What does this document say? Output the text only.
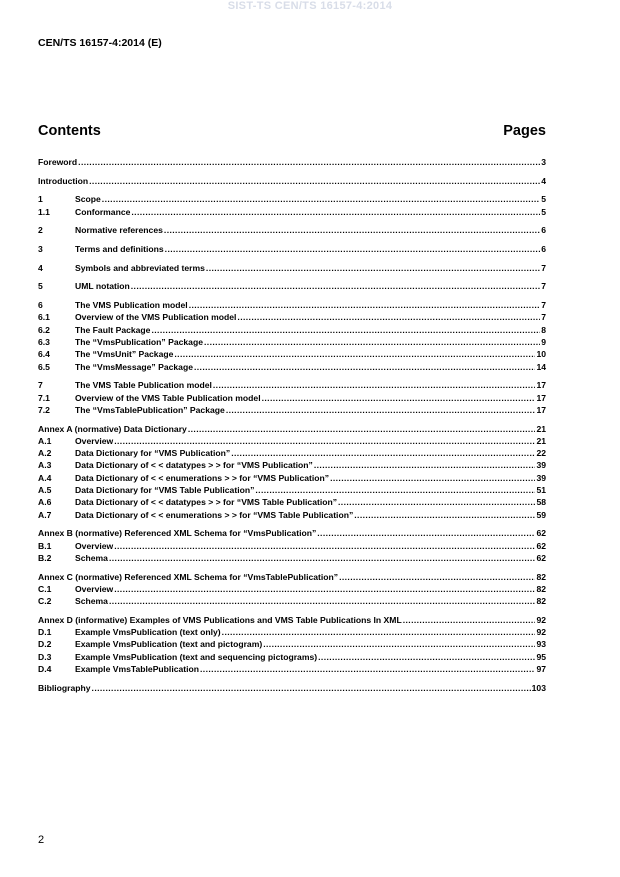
SIST-TS CEN/TS 16157-4:2014
CEN/TS 16157-4:2014 (E)
Contents	Pages
Foreword .....	3
Introduction .....	4
1	Scope .....	5
1.1	Conformance .....	5
2	Normative references .....	6
3	Terms and definitions .....	6
4	Symbols and abbreviated terms .....	7
5	UML notation .....	7
6	The VMS Publication model .....	7
6.1	Overview of the VMS Publication model .....	7
6.2	The Fault Package .....	8
6.3	The “VmsPublication” Package .....	9
6.4	The “VmsUnit” Package .....	10
6.5	The “VmsMessage” Package .....	14
7	The VMS Table Publication model .....	17
7.1	Overview of the VMS Table Publication model .....	17
7.2	The “VmsTablePublication” Package .....	17
Annex A (normative) Data Dictionary .....	21
A.1	Overview .....	21
A.2	Data Dictionary for “VMS Publication” .....	22
A.3	Data Dictionary of < < datatypes > > for “VMS Publication” .....	39
A.4	Data Dictionary of < < enumerations > > for “VMS Publication” .....	39
A.5	Data Dictionary for “VMS Table Publication” .....	51
A.6	Data Dictionary of < < datatypes > > for “VMS Table Publication” .....	58
A.7	Data Dictionary of < < enumerations > > for “VMS Table Publication” .....	59
Annex B (normative) Referenced XML Schema for “VmsPublication” .....	62
B.1	Overview .....	62
B.2	Schema .....	62
Annex C (normative) Referenced XML Schema for “VmsTablePublication” .....	82
C.1	Overview .....	82
C.2	Schema .....	82
Annex D (informative) Examples of VMS Publications and VMS Table Publications In XML .....	92
D.1	Example VmsPublication (text only) .....	92
D.2	Example VmsPublication (text and pictogram) .....	93
D.3	Example VmsPublication (text and sequencing pictograms) .....	95
D.4	Example VmsTablePublication .....	97
Bibliography .....	103
2
